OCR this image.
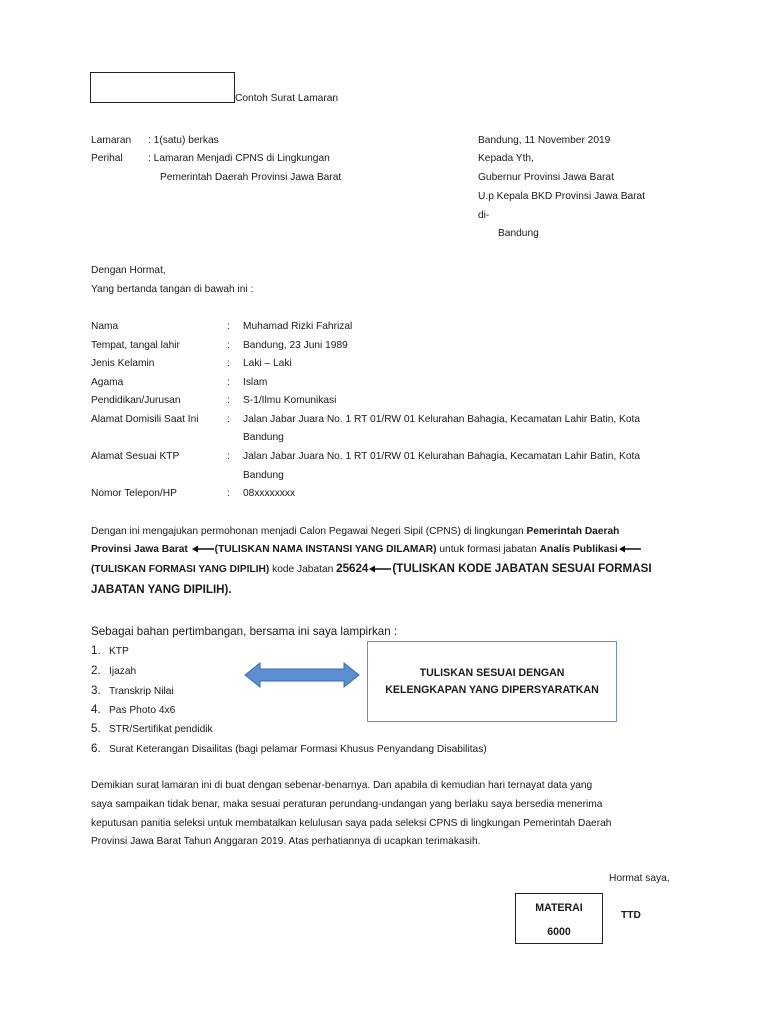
Contoh Surat Lamaran
Lamaran : 1(satu) berkas
Perihal : Lamaran Menjadi CPNS di Lingkungan
Pemerintah Daerah Provinsi Jawa Barat
Bandung, 11 November 2019
Kepada Yth,
Gubernur Provinsi Jawa Barat
U.p Kepala BKD Provinsi Jawa Barat
di-
Bandung
Dengan Hormat,
Yang bertanda tangan di bawah ini :
Nama	: Muhamad Rizki Fahrizal
Tempat, tangal lahir	: Bandung, 23 Juni 1989
Jenis Kelamin	: Laki – Laki
Agama	: Islam
Pendidikan/Jurusan	: S-1/Ilmu Komunikasi
Alamat Domisili Saat Ini	: Jalan Jabar Juara No. 1 RT 01/RW 01 Kelurahan Bahagia, Kecamatan Lahir Batin, Kota
Bandung
Alamat Sesuai KTP	: Jalan Jabar Juara No. 1 RT 01/RW 01 Kelurahan Bahagia, Kecamatan Lahir Batin, Kota
Bandung
Nomor Telepon/HP	: 08xxxxxxxx
Dengan ini mengajukan permohonan menjadi Calon Pegawai Negeri Sipil (CPNS) di lingkungan Pemerintah Daerah
Provinsi Jawa Barat (TULISKAN NAMA INSTANSI YANG DILAMAR) untuk formasi jabatan Analis Publikasi
(TULISKAN FORMASI YANG DIPILIH) kode Jabatan 25624 (TULISKAN KODE JABATAN SESUAI FORMASI
JABATAN YANG DIPILIH).
Sebagai bahan pertimbangan, bersama ini saya lampirkan :
1. KTP
2. Ijazah
3. Transkrip Nilai
4. Pas Photo 4x6
5. STR/Sertifikat pendidik
6. Surat Keterangan Disailitas (bagi pelamar Formasi Khusus Penyandang Disabilitas)
TULISKAN SESUAI DENGAN
KELENGKAPAN YANG DIPERSYARATKAN
Demikian surat lamaran ini di buat dengan sebenar-benarnya. Dan apabila di kemudian hari ternayat data yang
saya sampaikan tidak benar, maka sesuai peraturan perundang-undangan yang berlaku saya bersedia menerima
keputusan panitia seleksi untuk membatalkan kelulusan saya pada seleksi CPNS di lingkungan Pemerintah Daerah
Provinsi Jawa Barat Tahun Anggaran 2019. Atas perhatiannya di ucapkan terimakasih.
Hormat saya,
MATERAI
6000
TTD
